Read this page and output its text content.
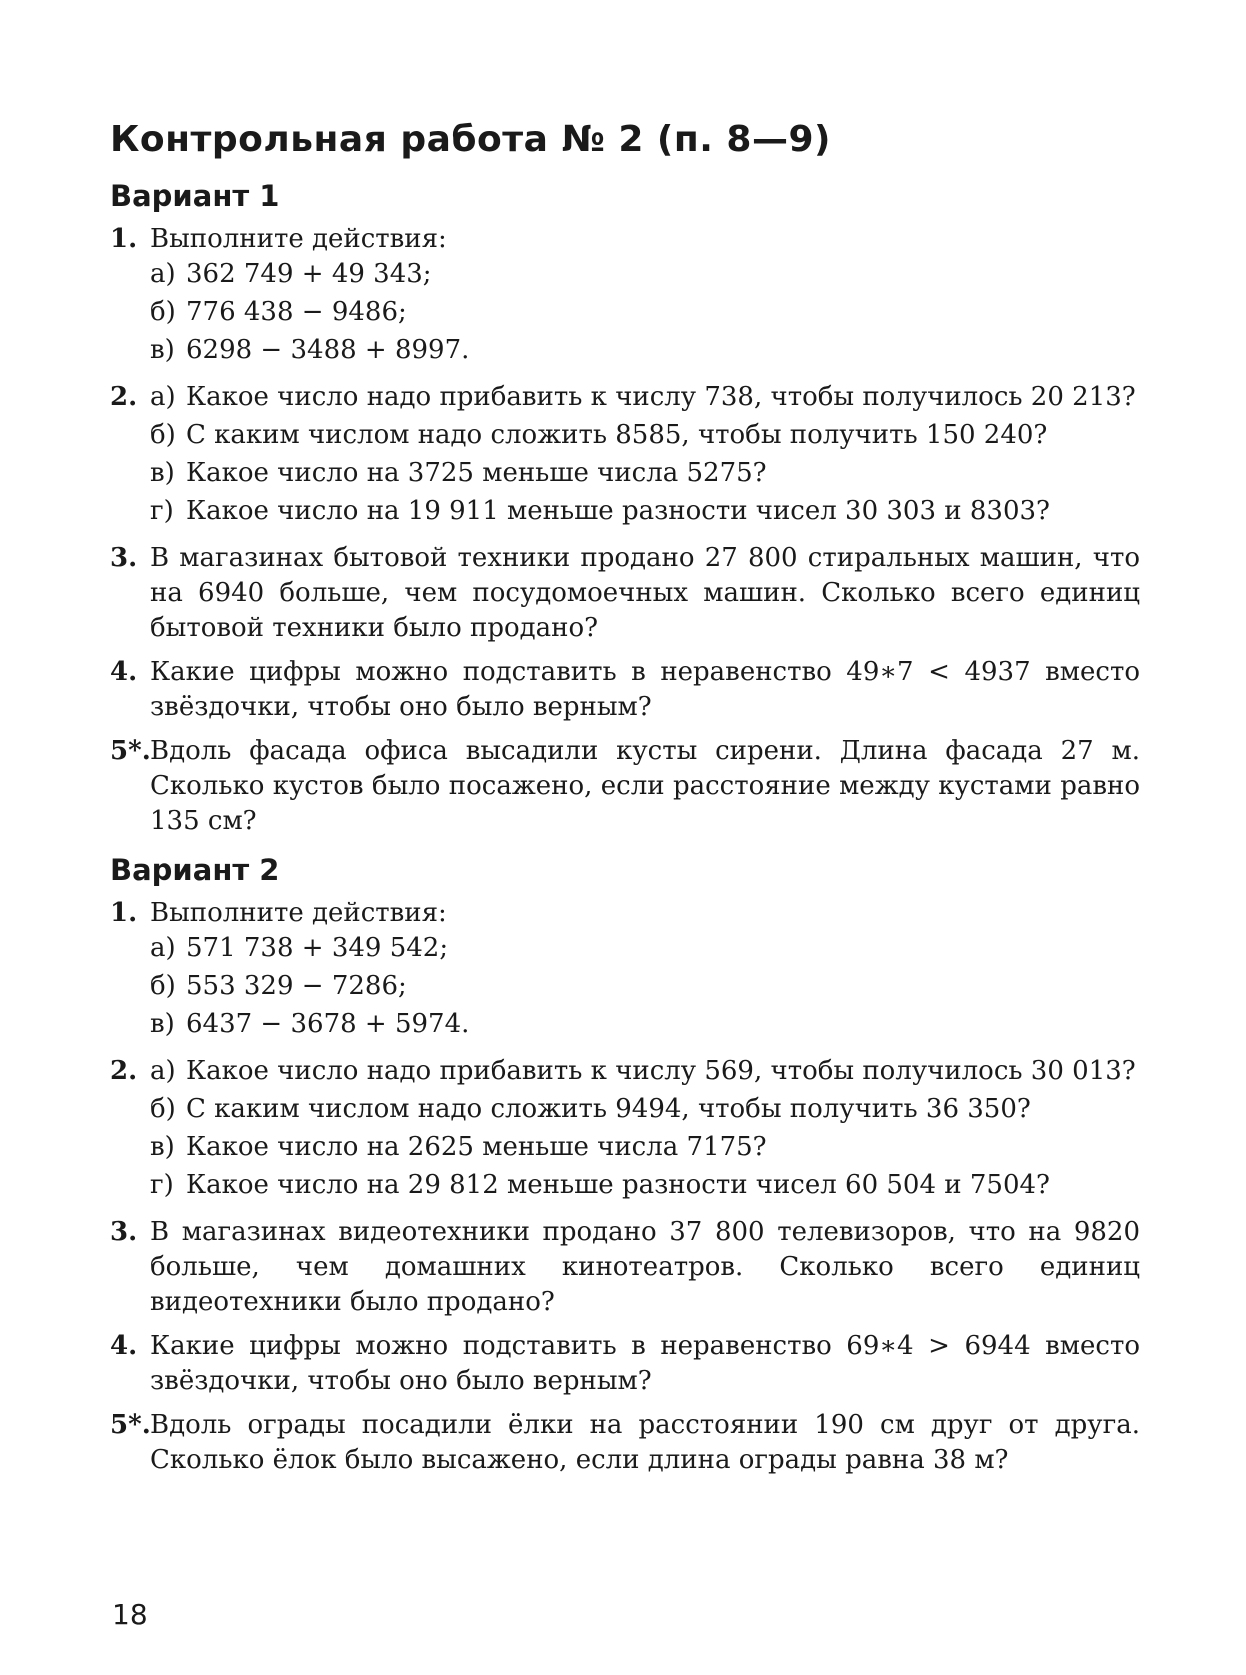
Контрольная работа № 2 (п. 8—9)
Вариант 1
1. Выполните действия:
а) 362 749 + 49 343;
б) 776 438 − 9486;
в) 6298 − 3488 + 8997.
2. а) Какое число надо прибавить к числу 738, чтобы получилось 20 213?
б) С каким числом надо сложить 8585, чтобы получить 150 240?
в) Какое число на 3725 меньше числа 5275?
г) Какое число на 19 911 меньше разности чисел 30 303 и 8303?
3. В магазинах бытовой техники продано 27 800 стиральных машин, что на 6940 больше, чем посудомоечных машин. Сколько всего единиц бытовой техники было продано?
4. Какие цифры можно подставить в неравенство 49∗7 < 4937 вместо звёздочки, чтобы оно было верным?
5*. Вдоль фасада офиса высадили кусты сирени. Длина фасада 27 м. Сколько кустов было посажено, если расстояние между кустами равно 135 см?
Вариант 2
1. Выполните действия:
а) 571 738 + 349 542;
б) 553 329 − 7286;
в) 6437 − 3678 + 5974.
2. а) Какое число надо прибавить к числу 569, чтобы получилось 30 013?
б) С каким числом надо сложить 9494, чтобы получить 36 350?
в) Какое число на 2625 меньше числа 7175?
г) Какое число на 29 812 меньше разности чисел 60 504 и 7504?
3. В магазинах видеотехники продано 37 800 телевизоров, что на 9820 больше, чем домашних кинотеатров. Сколько всего единиц видеотехники было продано?
4. Какие цифры можно подставить в неравенство 69∗4 > 6944 вместо звёздочки, чтобы оно было верным?
5*. Вдоль ограды посадили ёлки на расстоянии 190 см друг от друга. Сколько ёлок было высажено, если длина ограды равна 38 м?
18
